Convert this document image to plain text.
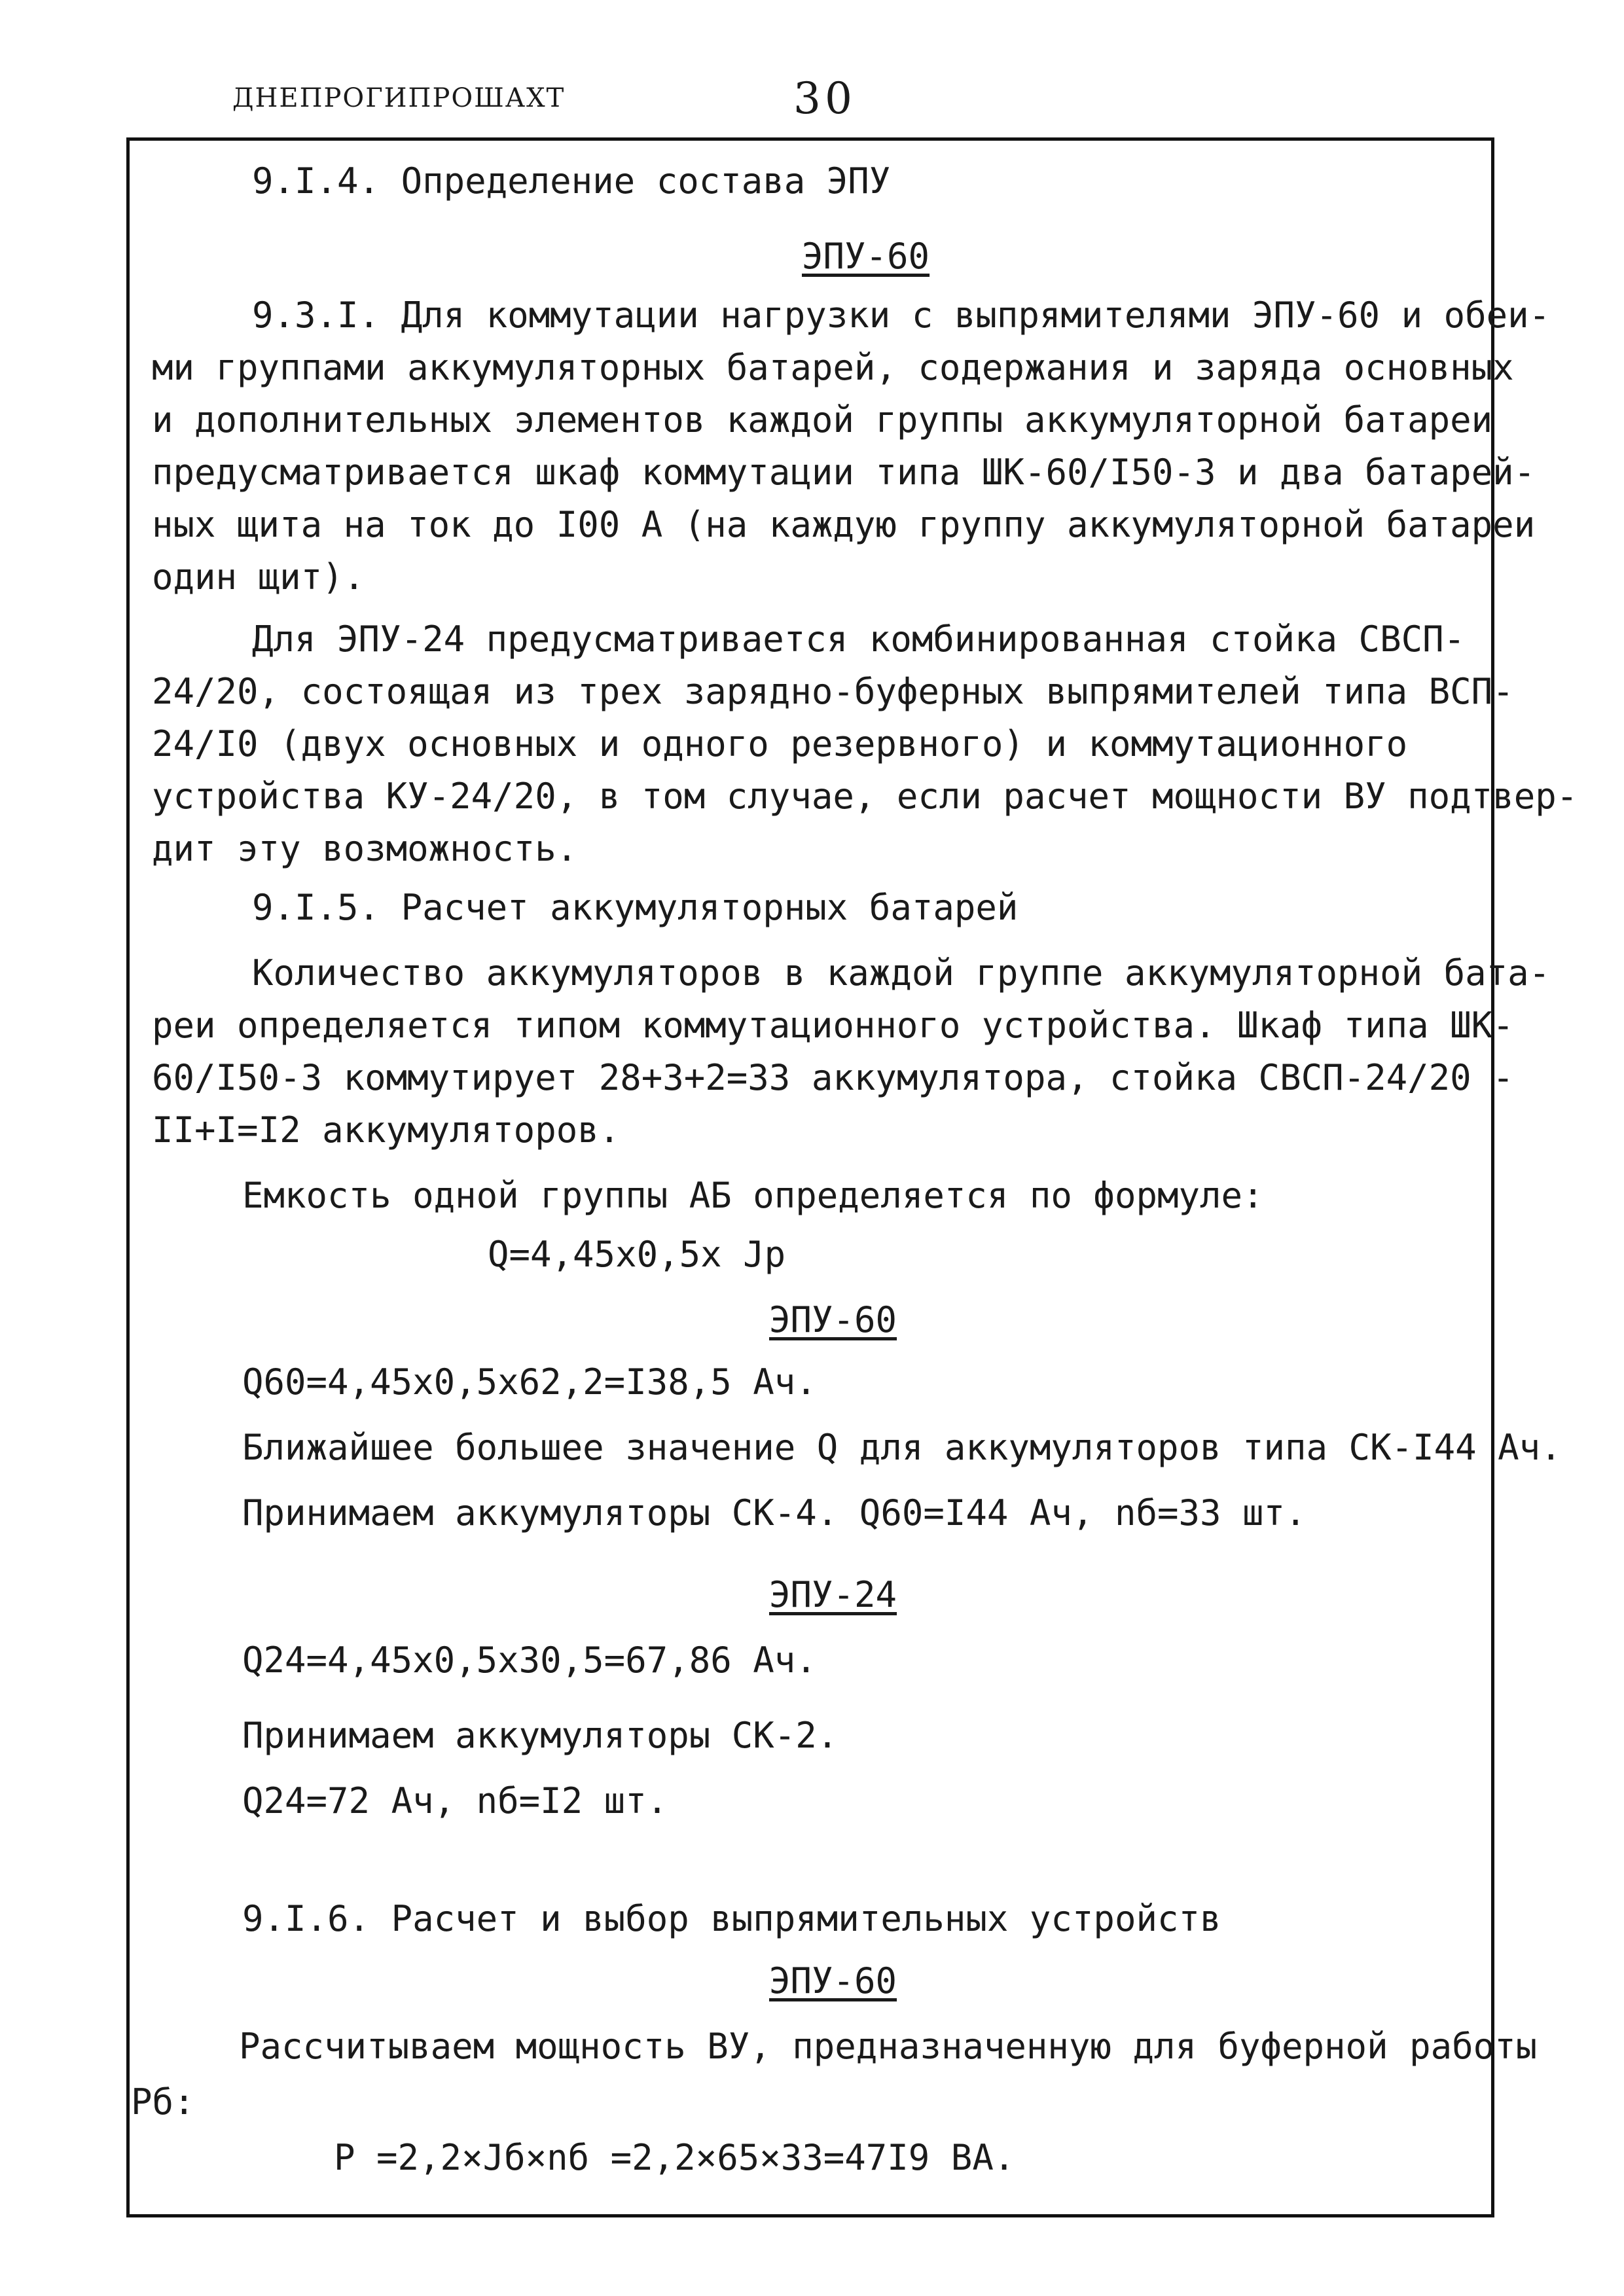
ДНЕПРОГИПРОШАХТ	30
9.I.4. Определение состава ЭПУ
ЭПУ-60
9.3.I. Для коммутации нагрузки с выпрямителями ЭПУ-60 и обеи-
ми группами аккумуляторных батарей, содержания и заряда основных
и дополнительных элементов каждой группы аккумуляторной батареи
предусматривается шкаф коммутации типа ШК-60/I50-3 и два батарей-
ных щита на ток до I00 А (на каждую группу аккумуляторной батареи
один щит).
Для ЭПУ-24 предусматривается комбинированная стойка СВСП-
24/20, состоящая из трех зарядно-буферных выпрямителей типа ВСП-
24/I0 (двух основных и одного резервного) и коммутационного
устройства КУ-24/20, в том случае, если расчет мощности ВУ подтвер-
дит эту возможность.
9.I.5. Расчет аккумуляторных батарей
Количество аккумуляторов в каждой группе аккумуляторной бата-
реи определяется типом коммутационного устройства. Шкаф типа ШК-
60/I50-3 коммутирует 28+3+2=33 аккумулятора, стойка СВСП-24/20 -
II+I=I2 аккумуляторов.
Емкость одной группы АБ определяется по формуле:
Q=4,45х0,5х Jр
ЭПУ-60
Q60=4,45х0,5х62,2=I38,5 Ач.
Ближайшее большее значение Q для аккумуляторов типа СК-I44 Ач.
Принимаем аккумуляторы СК-4. Q60=I44 Ач, nб=33 шт.
ЭПУ-24
Q24=4,45х0,5х30,5=67,86 Ач.
Принимаем аккумуляторы СК-2.
Q24=72 Ач, nб=I2 шт.
9.I.6. Расчет и выбор выпрямительных устройств
ЭПУ-60
Рассчитываем мощность ВУ, предназначенную для буферной работы
Рб:
Р =2,2×Jб×nб =2,2×65×33=47I9 ВА.
